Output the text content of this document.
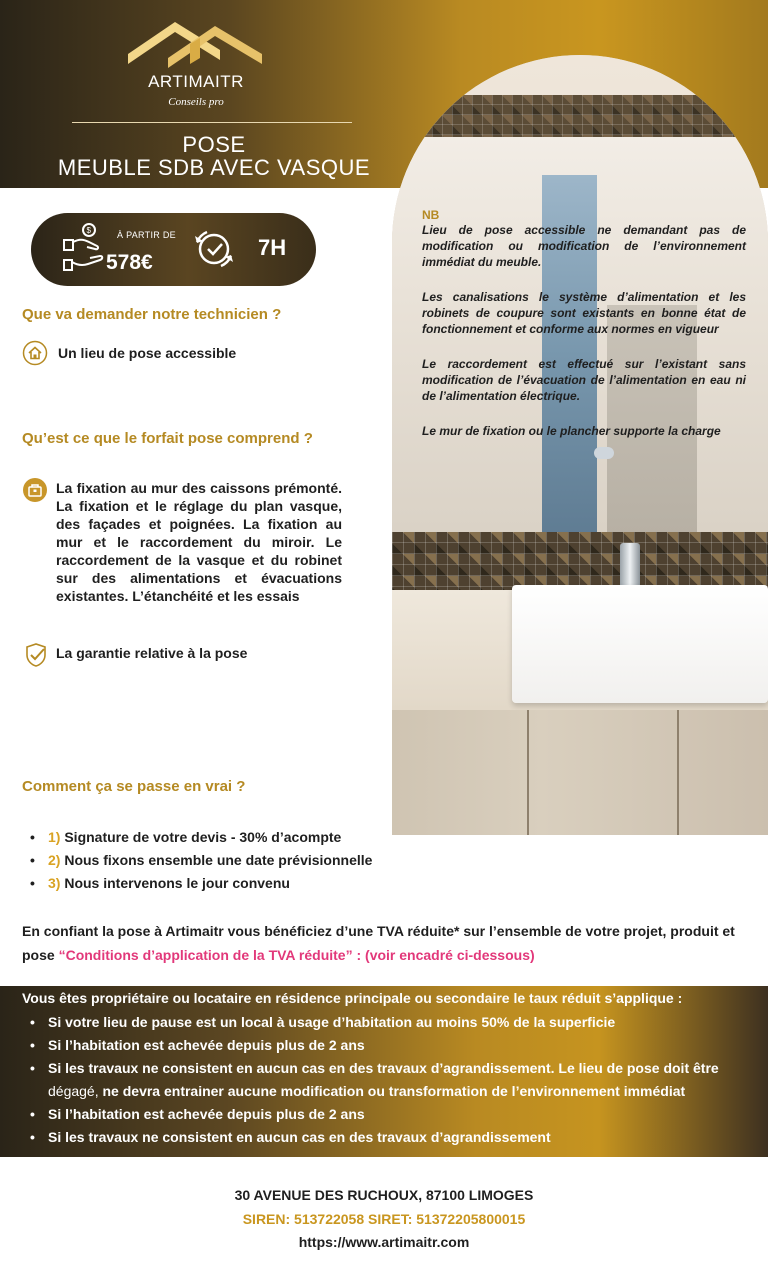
ARTIMAITR
Conseils pro
POSE
MEUBLE SDB AVEC VASQUE
NB
Lieu de pose accessible ne demandant pas de modification ou modification de l’environnement immédiat du meuble.
Les canalisations le système d’alimentation et les robinets de coupure sont existants en bonne état de fonctionnement et conforme aux normes en vigueur
Le raccordement est effectué sur l’existant sans modification de l’évacuation de l’alimentation en eau ni de l’alimentation électrique.
Le mur de fixation ou le plancher supporte la charge
$	À PARTIR DE
578€
7H
Que va demander notre technicien ?
Un lieu de pose accessible
Qu’est ce que le forfait pose comprend ?
La fixation au mur des caissons prémonté. La fixation et le réglage du plan vasque, des façades et poignées. La fixation au mur et le raccordement du miroir. Le raccordement de la vasque et du robinet sur des alimentations et évacuations existantes. L’étanchéité et les essais
La garantie relative à la pose
Comment ça se passe en vrai ?
• 1) Signature de votre devis - 30% d’acompte
• 2) Nous fixons ensemble une date prévisionnelle
• 3) Nous intervenons le jour convenu
En confiant la pose à Artimaitr vous bénéficiez d’une TVA réduite* sur l’ensemble de votre projet, produit et pose “Conditions d’application de la TVA réduite” : (voir encadré ci-dessous)
Vous êtes propriétaire ou locataire en résidence principale ou secondaire le taux réduit s’applique :
• Si votre lieu de pause est un local à usage d’habitation au moins 50% de la superficie
• Si l’habitation est achevée depuis plus de 2 ans
• Si les travaux ne consistent en aucun cas en des travaux d’agrandissement. Le lieu de pose doit être
dégagé, ne devra entrainer aucune modification ou transformation de l’environnement immédiat
• Si l’habitation est achevée depuis plus de 2 ans
• Si les travaux ne consistent en aucun cas en des travaux d’agrandissement
30 AVENUE DES RUCHOUX, 87100 LIMOGES
SIREN: 513722058 SIRET: 51372205800015
https://www.artimaitr.com
